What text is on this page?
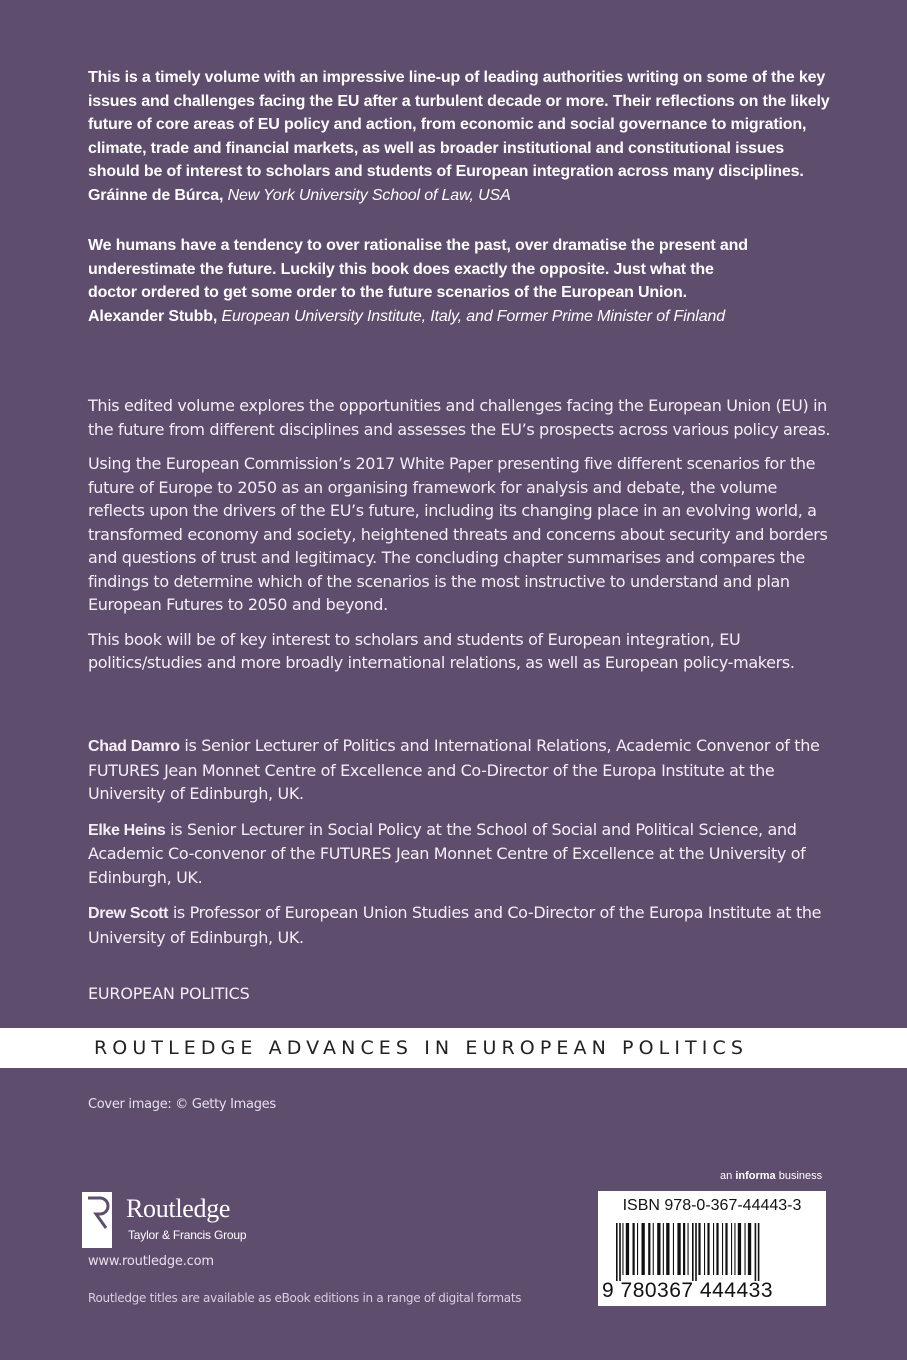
This is a timely volume with an impressive line-up of leading authorities writing on some of the key issues and challenges facing the EU after a turbulent decade or more. Their reflections on the likely future of core areas of EU policy and action, from economic and social governance to migration, climate, trade and financial markets, as well as broader institutional and constitutional issues should be of interest to scholars and students of European integration across many disciplines.
Gráinne de Búrca, New York University School of Law, USA
We humans have a tendency to over rationalise the past, over dramatise the present and underestimate the future. Luckily this book does exactly the opposite. Just what the doctor ordered to get some order to the future scenarios of the European Union.
Alexander Stubb, European University Institute, Italy, and Former Prime Minister of Finland

This edited volume explores the opportunities and challenges facing the European Union (EU) in the future from different disciplines and assesses the EU’s prospects across various policy areas.

Using the European Commission’s 2017 White Paper presenting five different scenarios for the future of Europe to 2050 as an organising framework for analysis and debate, the volume reflects upon the drivers of the EU’s future, including its changing place in an evolving world, a transformed economy and society, heightened threats and concerns about security and borders and questions of trust and legitimacy. The concluding chapter summarises and compares the findings to determine which of the scenarios is the most instructive to understand and plan European Futures to 2050 and beyond.

This book will be of key interest to scholars and students of European integration, EU politics/studies and more broadly international relations, as well as European policy-makers.

Chad Damro is Senior Lecturer of Politics and International Relations, Academic Convenor of the FUTURES Jean Monnet Centre of Excellence and Co-Director of the Europa Institute at the University of Edinburgh, UK.

Elke Heins is Senior Lecturer in Social Policy at the School of Social and Political Science, and Academic Co-convenor of the FUTURES Jean Monnet Centre of Excellence at the University of Edinburgh, UK.

Drew Scott is Professor of European Union Studies and Co-Director of the Europa Institute at the University of Edinburgh, UK.

EUROPEAN POLITICS
ROUTLEDGE ADVANCES IN EUROPEAN POLITICS
Cover image: © Getty Images
ROUTLEDGE
Routledge
Taylor & Francis Group
www.routledge.com
Routledge titles are available as eBook editions in a range of digital formats
an informa business
ISBN 978-0-367-44443-3
9 780367 444433
